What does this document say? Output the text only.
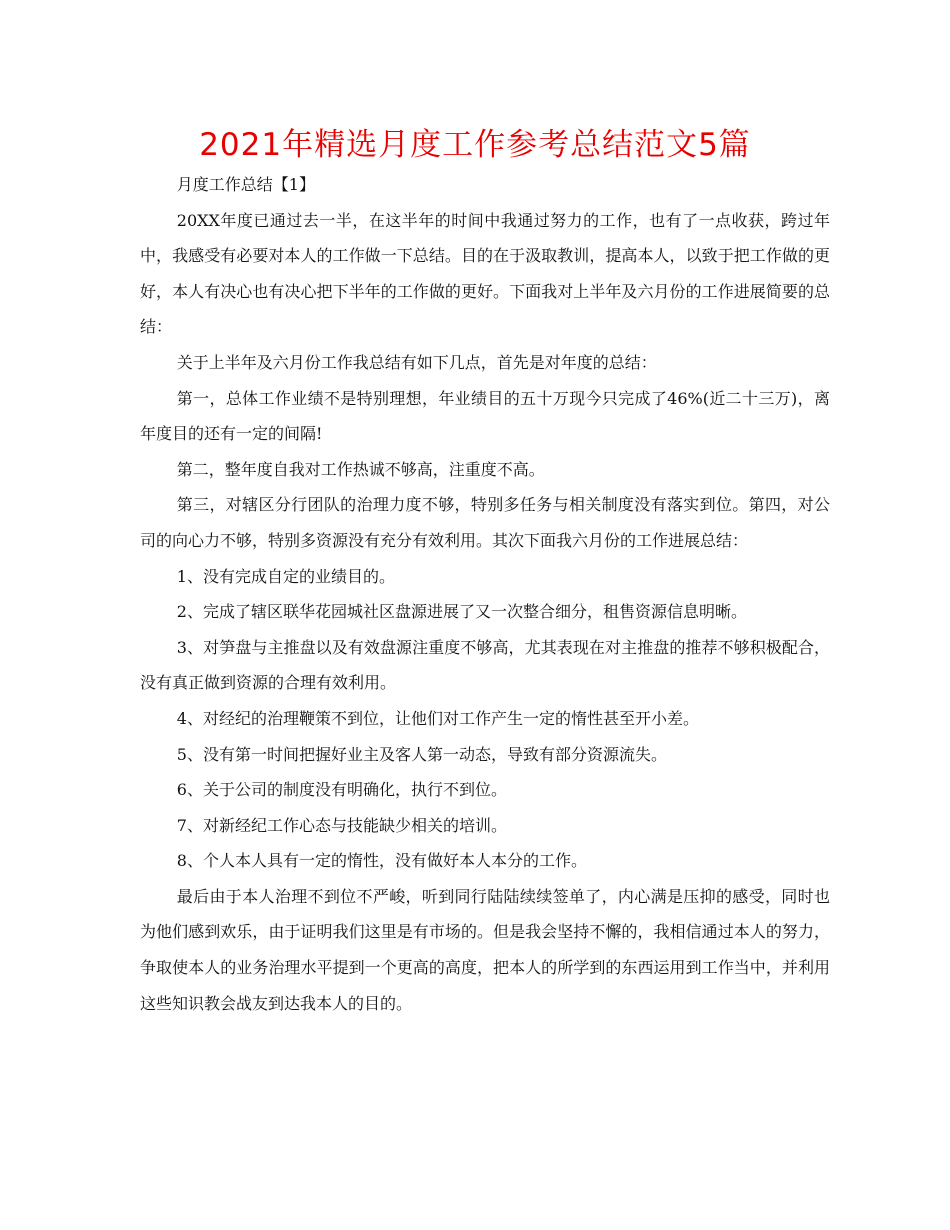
2021年精选月度工作参考总结范文5篇

月度工作总结【1】

20XX年度已通过去一半，在这半年的时间中我通过努力的工作，也有了一点收获，跨过年中，我感受有必要对本人的工作做一下总结。目的在于汲取教训，提高本人，以致于把工作做的更好，本人有决心也有决心把下半年的工作做的更好。下面我对上半年及六月份的工作进展简要的总结：

关于上半年及六月份工作我总结有如下几点，首先是对年度的总结：

第一，总体工作业绩不是特别理想，年业绩目的五十万现今只完成了46%(近二十三万)，离年度目的还有一定的间隔!

第二，整年度自我对工作热诚不够高，注重度不高。

第三，对辖区分行团队的治理力度不够，特别多任务与相关制度没有落实到位。第四，对公司的向心力不够，特别多资源没有充分有效利用。其次下面我六月份的工作进展总结：

1、没有完成自定的业绩目的。

2、完成了辖区联华花园城社区盘源进展了又一次整合细分，租售资源信息明晰。

3、对笋盘与主推盘以及有效盘源注重度不够高，尤其表现在对主推盘的推荐不够积极配合，没有真正做到资源的合理有效利用。

4、对经纪的治理鞭策不到位，让他们对工作产生一定的惰性甚至开小差。

5、没有第一时间把握好业主及客人第一动态，导致有部分资源流失。

6、关于公司的制度没有明确化，执行不到位。

7、对新经纪工作心态与技能缺少相关的培训。

8、个人本人具有一定的惰性，没有做好本人本分的工作。

最后由于本人治理不到位不严峻，听到同行陆陆续续签单了，内心满是压抑的感受，同时也为他们感到欢乐，由于证明我们这里是有市场的。但是我会坚持不懈的，我相信通过本人的努力，争取使本人的业务治理水平提到一个更高的高度，把本人的所学到的东西运用到工作当中，并利用这些知识教会战友到达我本人的目的。
